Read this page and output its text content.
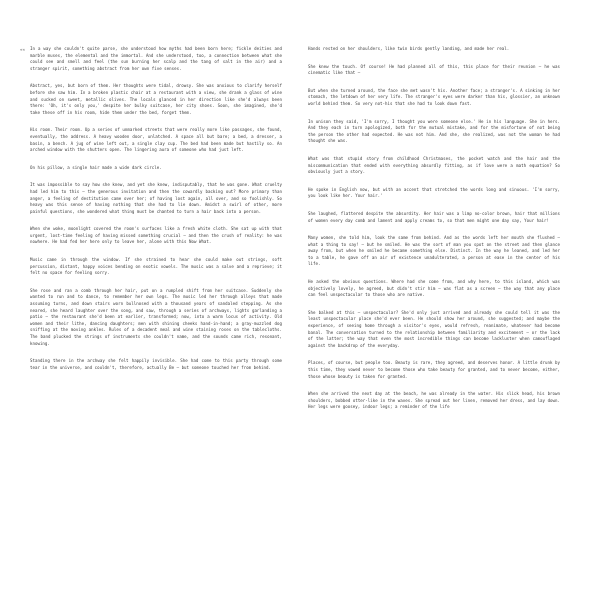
«« In a way she couldn't quite parse, she understood how myths had been born here; fickle deities and marble muses, the elemental and the immortal. And she understood, too, a connection between what she could see and smell and feel (the sun burning her scalp and the tang of salt in the air) and a stranger spirit, something abstract from her own five senses.

Abstract, yes, but born of them. Her thoughts were tidal, drowsy. She was anxious to clarify herself before she saw him. In a broken plastic chair at a restaurant with a view, she drank a glass of wine and sucked on sweet, metallic olives. The locals glanced in her direction like she'd always been there: 'Oh, it's only you,' despite her bulky suitcase, her city shoes. Soon, she imagined, she'd take these off in his room, hide them under the bed, forget them.

His room. Their room. Up a series of unmarked streets that were really more like passages, she found, eventually, the address. A heavy wooden door, unlatched. A space all but bare; a bed, a dresser, a basin, a bench. A jug of wine left out, a single clay cup. The bed had been made but hastily so. An arched window with the shutters open. The lingering aura of someone who had just left.

On his pillow, a single hair made a wide dark circle.

It was impossible to say how she knew, and yet she knew, indisputably, that he was gone. What cruelty had led him to this — the generous invitation and then the cowardly backing out? More primary than anger, a feeling of destitution came over her; of having lost again, all over, and so foolishly. So heavy was this sense of having nothing that she had to lie down. Amidst a swirl of other, more painful questions, she wondered what thing must be chanted to turn a hair back into a person.

When she woke, moonlight covered the room's surfaces like a fresh white cloth. She sat up with that urgent, lost-time feeling of having missed something crucial — and then the crush of reality: he was nowhere. He had fed her here only to leave her, alone with this Now What.

Music came in through the window. If she strained to hear she could make out strings, soft percussion, distant, happy voices bending on exotic vowels. The music was a salve and a reprieve; it felt no space for feeling sorry.

She rose and ran a comb through her hair, put on a rumpled shift from her suitcase. Suddenly she wanted to run and to dance, to remember her own legs. The music led her through alleys that made assuming turns, and down stairs worn bullnosed with a thousand years of sandaled stepping. As she neared, she heard laughter over the song, and saw, through a series of archways, lights garlanding a patio — the restaurant she'd been at earlier, transformed; now, into a warm locus of activity. Old women and their lithe, dancing daughters; men with shining cheeks hand-in-hand; a gray-muzzled dog sniffing at the moving ankles. Rules of a decadent meal and wine staining roses on the tablecloths. The band plucked the strings of instruments she couldn't name, and the sounds came rich, resonant, knowing.

Standing there in the archway she felt happily invisible. She had come to this party through some tear in the universe, and couldn't, therefore, actually Be — but someone touched her from behind.

Hands rested on her shoulders, like twin birds gently landing, and made her real.

She knew the touch. Of course! He had planned all of this, this place for their reunion — he was cinematic like that —

But when she turned around, the face she met wasn't his. Another face; a stranger's. A sinking in her stomach, the letdown of her very life. The stranger's eyes were darker than his, glossier, an unknown world behind them. So very not-his that she had to look down fast.

In unison they said, 'I'm sorry, I thought you were someone else.' He in his language. She in hers. And they each in turn apologized, both for the mutual mistake, and for the misfortune of not being the person the other had expected. He was not him. And she, she realized, was not the woman he had thought she was.

What was that stupid story from childhood Christmases, the pocket watch and the hair and the miscommunication that ended with everything absurdly fitting, as if love were a math equation? So obviously just a story.

He spoke in English now, but with an accent that stretched the words long and sinuous. 'I'm sorry, you look like her. Your hair.'

She laughed, flattered despite the absurdity. Her hair was a limp no-color brown, hair that millions of women every day comb and lament and apply creams to, so that men might one day say, Your hair!

Many women, she told him, look the same from behind. And as the words left her mouth she flushed — what a thing to say! — but he smiled. He was the sort of man you spot on the street and then glance away from, but when he smiled he became something else. Distinct. In the way he leaned, and led her to a table, he gave off an air of existence unadulterated, a person at ease in the center of his life.

He asked the obvious questions. Where had she come from, and why here, to this island, which was objectively lovely, he agreed, but didn't stir him — was flat as a screen — the way that any place can feel unspectacular to those who are native.

She balked at this — unspectacular? She'd only just arrived and already she could tell it was the least unspectacular place she'd ever been. He should show her around, she suggested; and maybe the experience, of seeing home through a visitor's eyes, would refresh, reanimate, whatever had become banal. The conversation turned to the relationship between familiarity and excitement — or the lack of the latter; the way that even the most incredible things can become lackluster when camouflaged against the backdrop of the everyday.

Places, of course, but people too. Beauty is rare, they agreed, and deserves honor. A little drunk by this time, they vowed never to become those who take beauty for granted, and to never become, either, those whose beauty is taken for granted.

When she arrived the next day at the beach, he was already in the water. His slick head, his brown shoulders, bobbed otter-like in the waves. She spread out her linen, removed her dress, and lay down. Her legs were goosey, indoor legs; a reminder of the life
